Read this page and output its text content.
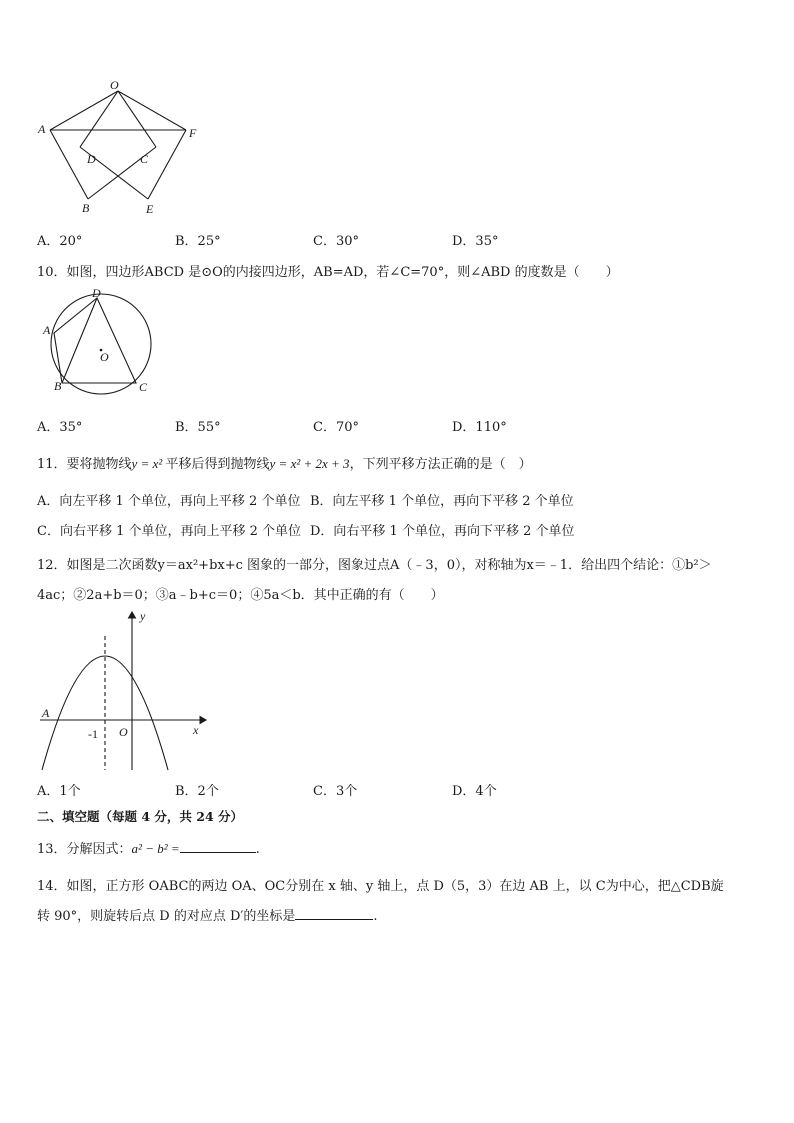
O
A	F
D	C
B	E
A．20°	B．25°	C．30°	D．35°
10．如图，四边形ABCD 是⊙O的内接四边形，AB=AD，若∠C=70°，则∠ABD 的度数是（　　）
D
A
O
B	C
A．35°	B．55°	C．70°	D．110°
11．要将抛物线y = x² 平移后得到抛物线y = x² + 2x + 3，下列平移方法正确的是（　）
A．向左平移 1 个单位，再向上平移 2 个单位 B．向左平移 1 个单位，再向下平移 2 个单位
C．向右平移 1 个单位，再向上平移 2 个单位 D．向右平移 1 个单位，再向下平移 2 个单位
12．如图是二次函数y＝ax²+bx+c 图象的一部分，图象过点A（﹣3，0），对称轴为x＝﹣1．给出四个结论：①b²＞
4ac；②2a+b＝0；③a﹣b+c＝0；④5a＜b．其中正确的有（　　）
y
x
A
O
-1
A．1个	B．2个	C．3个	D．4个
二、填空题（每题 4 分，共 24 分）
13．分解因式：a² − b² =	.
14．如图，正方形 OABC的两边 OA、OC分别在 x 轴、y 轴上，点 D（5，3）在边 AB 上，以 C为中心，把△CDB旋
转 90°，则旋转后点 D 的对应点 D′的坐标是	.
